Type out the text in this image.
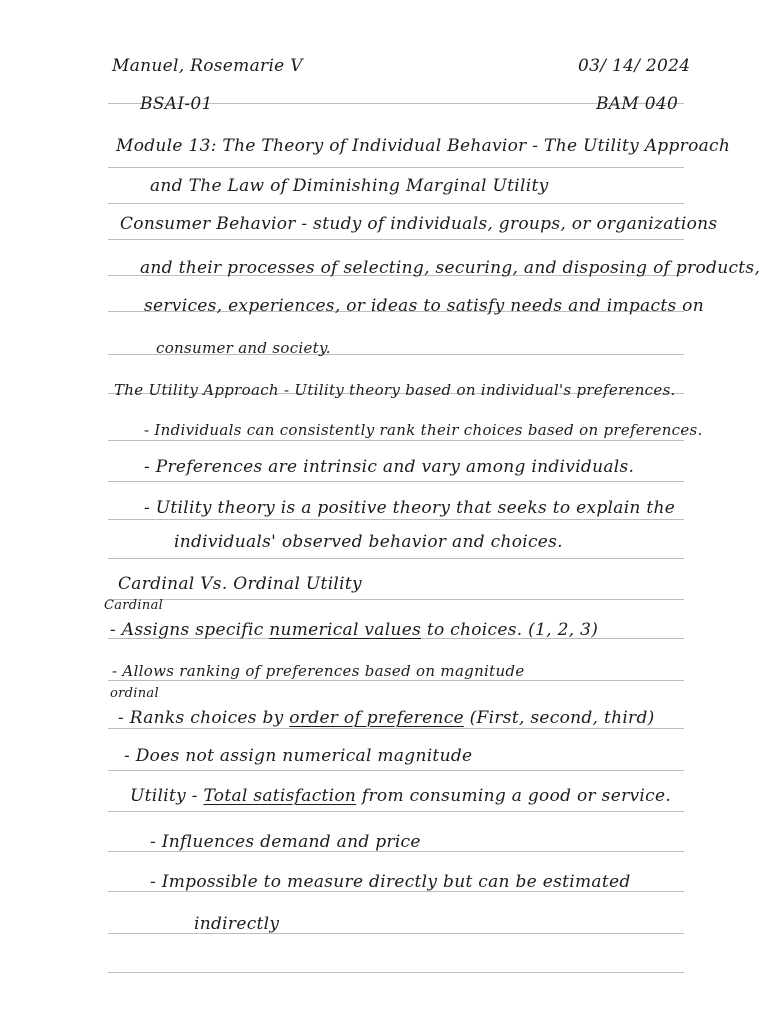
Manuel, Rosemarie V	03/ 14/ 2024
BSAI-01	BAM 040
Module 13: The Theory of Individual Behavior - The Utility Approach
and The Law of Diminishing Marginal Utility
Consumer Behavior - study of individuals, groups, or organizations
and their processes of selecting, securing, and disposing of products,
services, experiences, or ideas to satisfy needs and impacts on
consumer and society.
The Utility Approach - Utility theory based on individual's preferences.
- Individuals can consistently rank their choices based on preferences.
- Preferences are intrinsic and vary among individuals.
- Utility theory is a positive theory that seeks to explain the
individuals' observed behavior and choices.
Cardinal Vs. Ordinal Utility
Cardinal
- Assigns specific numerical values to choices. (1, 2, 3)
- Allows ranking of preferences based on magnitude
ordinal
- Ranks choices by order of preference (First, second, third)
- Does not assign numerical magnitude
Utility - Total satisfaction from consuming a good or service.
- Influences demand and price
- Impossible to measure directly but can be estimated
indirectly
